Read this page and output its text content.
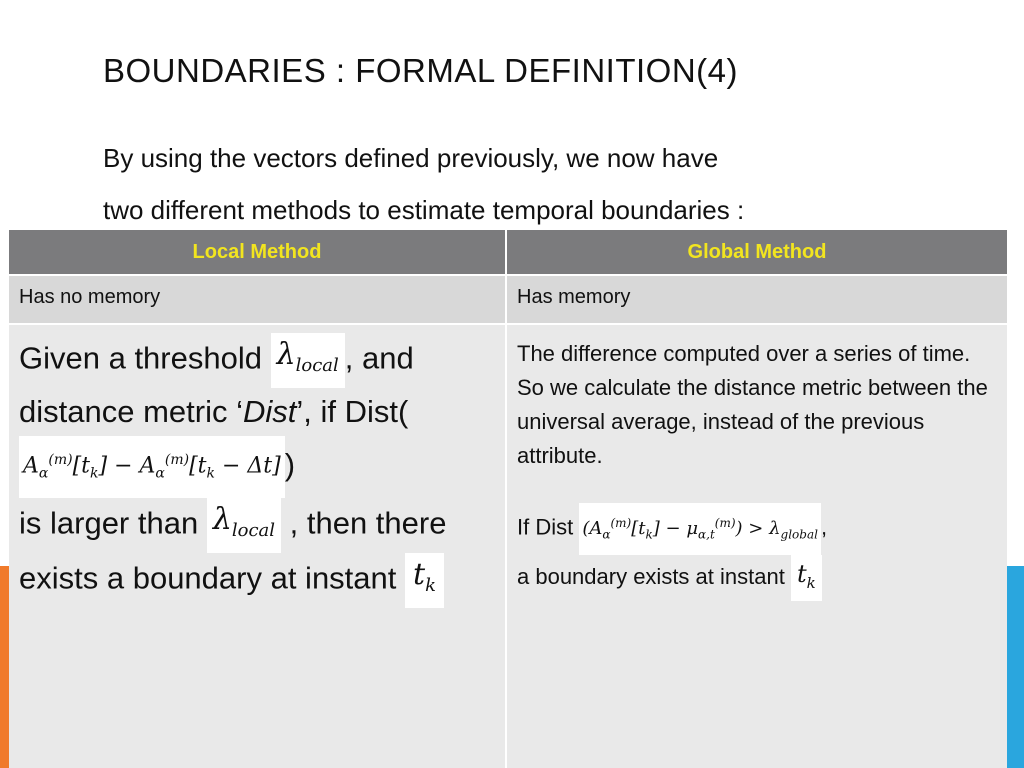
BOUNDARIES : FORMAL DEFINITION(4)
By using the vectors defined previously, we now have
two different methods to estimate temporal boundaries :
Local Method	Global Method
Has no memory	Has memory
Given a threshold $\lambda_{local}$ , and distance metric ‘Dist’, if $Dist(A_\alpha^{(m)}[t_k] - A_\alpha^{(m)}[t_k - \Delta t]$ )
is larger than $\lambda_{local}$ , then there exists a boundary at instant $t_k$
The difference computed over a series of time. So we calculate the distance metric between the universal average, instead of the previous attribute.
If Dist $(A_\alpha^{(m)}[t_k] - \mu_{\alpha,t}^{(m)}) > \lambda_{global}$ ,
a boundary exists at instant $t_k$
